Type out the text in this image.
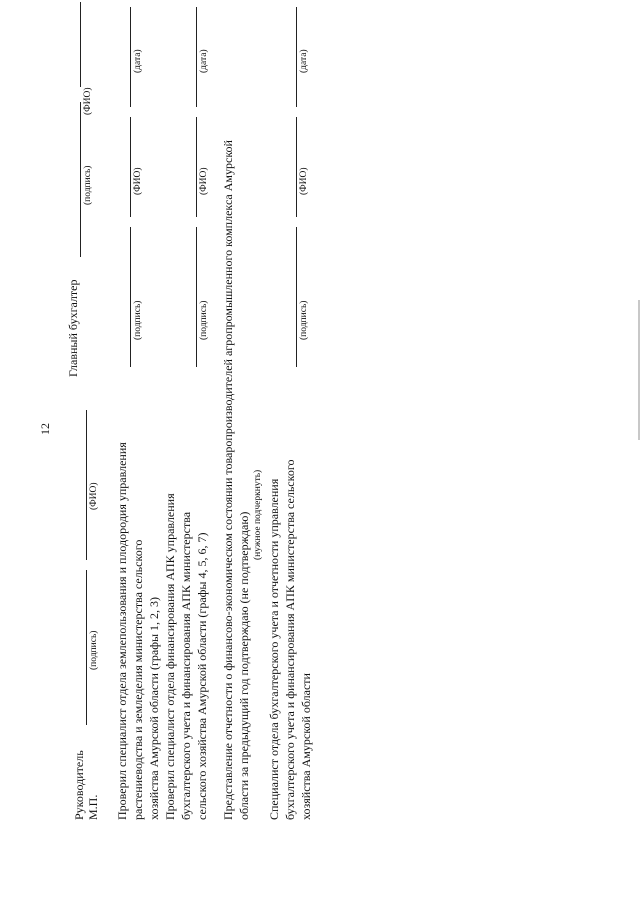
12
Руководитель
(подпись)
(ФИО)
М.П.
Главный бухгалтер
(подпись)
(ФИО)
Проверил специалист отдела землепользования и плодородия управления растениеводства и земледелия министерства сельского хозяйства Амурской области (графы 1, 2, 3)
(подпись)
(ФИО)
(дата)
Проверил специалист отдела финансирования АПК управления бухгалтерского учета и финансирования АПК министерства сельского хозяйства Амурской области (графы 4, 5, 6, 7)
(подпись)
(ФИО)
(дата)
Представление отчетности о финансово-экономическом состоянии товаропроизводителей агропромышленного комплекса Амурской области за предыдущий год подтверждаю (не подтверждаю) (нужное подчеркнуть) Специалист отдела бухгалтерского учета и отчетности управления бухгалтерского учета и финансирования АПК министерства сельского хозяйства Амурской области
(подпись)
(ФИО)
(дата)
